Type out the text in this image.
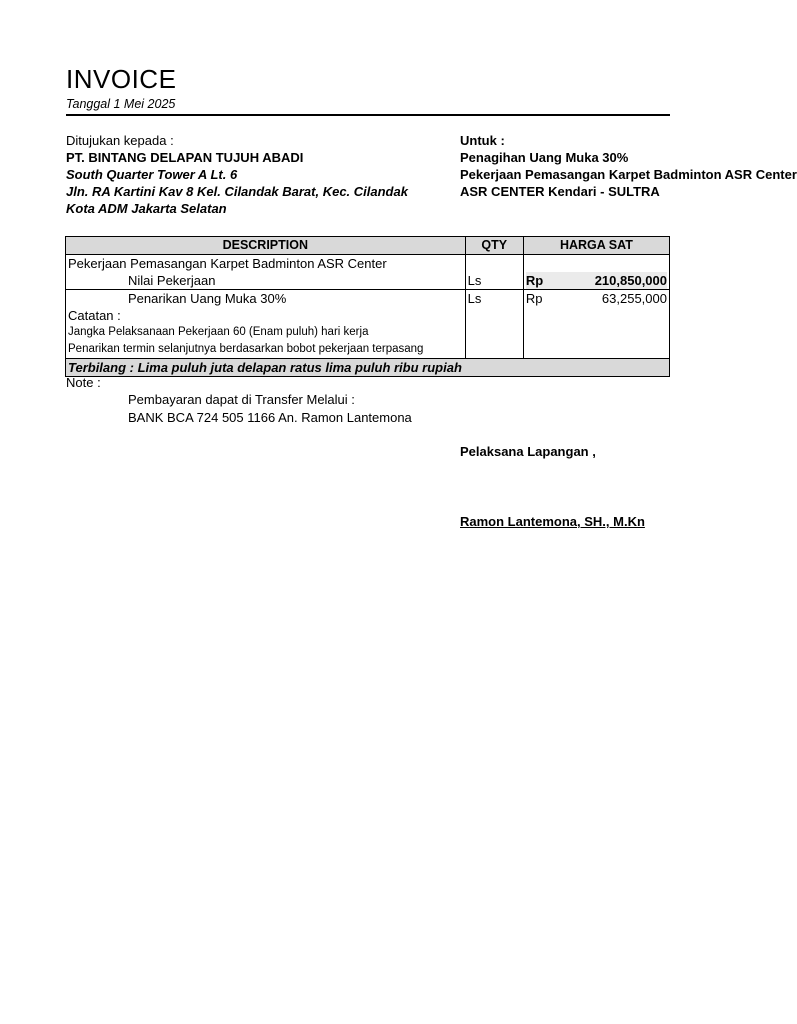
INVOICE
Tanggal 1 Mei 2025
Ditujukan kepada :
PT. BINTANG DELAPAN TUJUH ABADI
South Quarter Tower A Lt. 6
Jln. RA Kartini Kav 8 Kel. Cilandak Barat, Kec. Cilandak
Kota ADM Jakarta Selatan
Untuk :
Penagihan Uang Muka 30%
Pekerjaan Pemasangan Karpet Badminton ASR Center
ASR CENTER Kendari - SULTRA
DESCRIPTION	QTY	HARGA SAT
Pekerjaan Pemasangan Karpet Badminton ASR Center		
Nilai Pekerjaan	Ls	Rp 210,850,000

Penarikan Uang Muka 30%	Ls	Rp 63,255,000

Catatan :		
Jangka Pelaksanaan Pekerjaan 60 (Enam puluh) hari kerja		
Penarikan termin selanjutnya berdasarkan bobot pekerjaan terpasang		
Terbilang : Lima puluh juta delapan ratus lima puluh ribu rupiah		
Note :
Pembayaran dapat di Transfer Melalui :
BANK BCA 724 505 1166 An. Ramon Lantemona
Pelaksana Lapangan ,
Ramon Lantemona, SH., M.Kn
